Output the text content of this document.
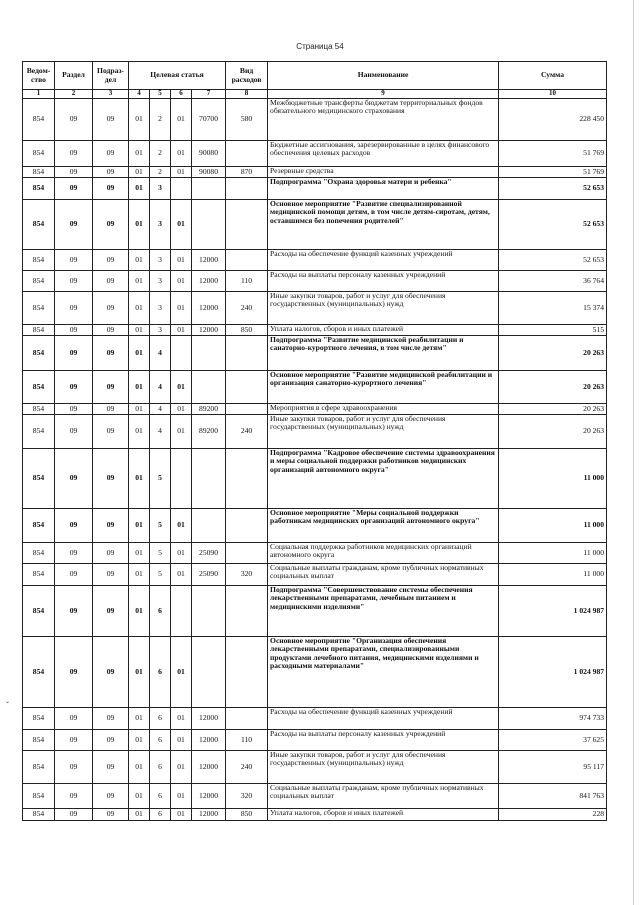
Страница 54
Ведом-ство	Раздел	Подраз-дел	Целевая статья				Вид расходов	Наименование	Сумма
1	2	3	4	5	6	7	8	9	10
854	09	09	01	2	01	70700	580	Межбюджетные трансферты бюджетам территориальных фондов обязательного медицинского страхования	228 450
854	09	09	01	2	01	90080		Бюджетные ассигнования, зарезервированные в целях финансового обеспечения целевых расходов	51 769
854	09	09	01	2	01	90080	870	Резервные средства	51 769
854	09	09	01	3				Подпрограмма "Охрана здоровья матери и ребенка"	52 653
854	09	09	01	3	01			Основное мероприятие "Развитие специализированной медицинской помощи детям, в том числе детям-сиротам, детям, оставшимся без попечения родителей"	52 653
854	09	09	01	3	01	12000		Расходы на обеспечение функций казенных учреждений	52 653
854	09	09	01	3	01	12000	110	Расходы на выплаты персоналу казенных учреждений	36 764
854	09	09	01	3	01	12000	240	Иные закупки товаров, работ и услуг для обеспечения государственных (муниципальных) нужд	15 374
854	09	09	01	3	01	12000	850	Уплата налогов, сборов и иных платежей	515
854	09	09	01	4				Подпрограмма "Развитие медицинской реабилитации и санаторно-курортного лечения, в том числе детям"	20 263
854	09	09	01	4	01			Основное мероприятие "Развитие медицинской реабилитации и организация санаторно-курортного лечения"	20 263
854	09	09	01	4	01	89200		Мероприятия в сфере здравоохранения	20 263
854	09	09	01	4	01	89200	240	Иные закупки товаров, работ и услуг для обеспечения государственных (муниципальных) нужд	20 263
854	09	09	01	5				Подпрограмма "Кадровое обеспечение системы здравоохранения и меры социальной поддержки работников медицинских организаций автономного округа"	11 000
854	09	09	01	5	01			Основное мероприятие "Меры социальной поддержки работникам медицинских организаций автономного округа"	11 000
854	09	09	01	5	01	25090		Социальная поддержка работников медицинских организаций автономного округа	11 000
854	09	09	01	5	01	25090	320	Социальные выплаты гражданам, кроме публичных нормативных социальных выплат	11 000
854	09	09	01	6				Подпрограмма "Совершенствование системы обеспечения лекарственными препаратами, лечебным питанием и медицинскими изделиями"	1 024 987
854	09	09	01	6	01			Основное мероприятие "Организация обеспечения лекарственными препаратами, специализированными продуктами лечебного питания, медицинскими изделиями и расходными материалами"	1 024 987
854	09	09	01	6	01	12000		Расходы на обеспечение функций казенных учреждений	974 733
854	09	09	01	6	01	12000	110	Расходы на выплаты персоналу казенных учреждений	37 625
854	09	09	01	6	01	12000	240	Иные закупки товаров, работ и услуг для обеспечения государственных (муниципальных) нужд	95 117
854	09	09	01	6	01	12000	320	Социальные выплаты гражданам, кроме публичных нормативных социальных выплат	841 763
854	09	09	01	6	01	12000	850	Уплата налогов, сборов и иных платежей	228
ˇ
